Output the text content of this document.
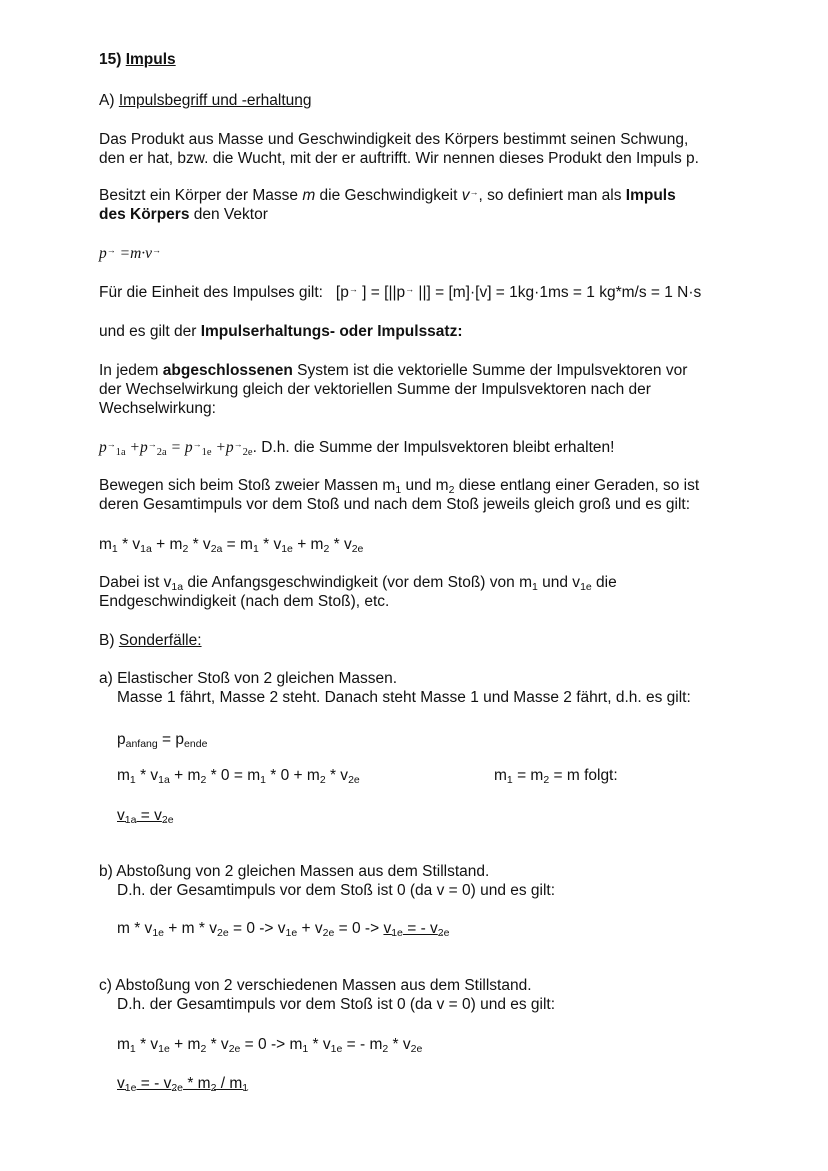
15) Impuls
A) Impulsbegriff und -erhaltung
Das Produkt aus Masse und Geschwindigkeit des Körpers bestimmt seinen Schwung,
den er hat, bzw. die Wucht, mit der er auftrifft. Wir nennen dieses Produkt den Impuls p.
Besitzt ein Körper der Masse m die Geschwindigkeit v→, so definiert man als Impuls
des Körpers den Vektor
p→ =m·v→
Für die Einheit des Impulses gilt: [p→ ] = [||p→ ||] = [m]·[v] = 1kg·1ms = 1 kg*m/s = 1 N·s
und es gilt der Impulserhaltungs- oder Impulssatz:
In jedem abgeschlossenen System ist die vektorielle Summe der Impulsvektoren vor
der Wechselwirkung gleich der vektoriellen Summe der Impulsvektoren nach der
Wechselwirkung:
$p^\to_{1a} +p^\to_{2a} = p^\to_{1e} +p^\to_{2e}$. D.h. die Summe der Impulsvektoren bleibt erhalten!
Bewegen sich beim Stoß zweier Massen $m_1$ und $m_2$ diese entlang einer Geraden, so ist
deren Gesamtimpuls vor dem Stoß und nach dem Stoß jeweils gleich groß und es gilt:
$m_1 * v_{1a} + m_2 * v_{2a} = m_1 * v_{1e} + m_2 * v_{2e}$
Dabei ist $v_{1a}$ die Anfangsgeschwindigkeit (vor dem Stoß) von $m_1$ und $v_{1e}$ die
Endgeschwindigkeit (nach dem Stoß), etc.
B) Sonderfälle:
a) Elastischer Stoß von 2 gleichen Massen.
Masse 1 fährt, Masse 2 steht. Danach steht Masse 1 und Masse 2 fährt, d.h. es gilt:
$p_{anfang} = p_{ende}$
$m_1 * v_{1a} + m_2 * 0 = m_1 * 0 + m_2 * v_{2e}$	$m_1 = m_2 = m$ folgt:
$v_{1a} = v_{2e}$
b) Abstoßung von 2 gleichen Massen aus dem Stillstand.
D.h. der Gesamtimpuls vor dem Stoß ist 0 (da v = 0) und es gilt:
$m * v_{1e} + m * v_{2e} = 0 -> v_{1e} + v_{2e} = 0 -> v_{1e}$ = - $v_{2e}$
c) Abstoßung von 2 verschiedenen Massen aus dem Stillstand.
D.h. der Gesamtimpuls vor dem Stoß ist 0 (da v = 0) und es gilt:
$m_1 * v_{1e} + m_2 * v_{2e} = 0 -> m_1 * v_{1e}$ = - $m_2 * v_{2e}$
$v_{1e}$ = - $v_{2e} * m_2 / m_1$
